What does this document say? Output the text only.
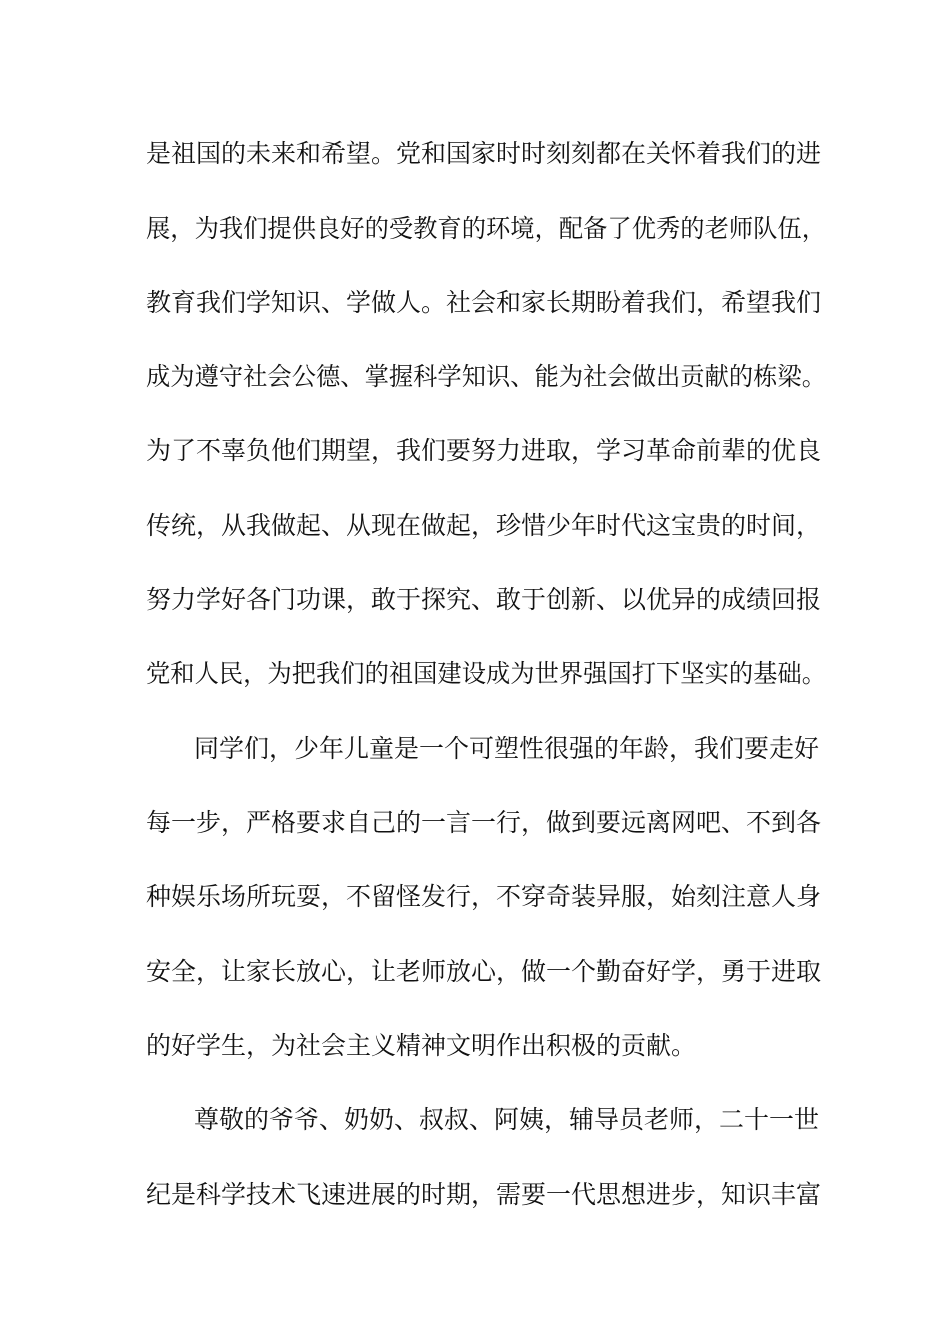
是祖国的未来和希望。党和国家时时刻刻都在关怀着我们的进
展，为我们提供良好的受教育的环境，配备了优秀的老师队伍，
教育我们学知识、学做人。社会和家长期盼着我们，希望我们
成为遵守社会公德、掌握科学知识、能为社会做出贡献的栋梁。
为了不辜负他们期望，我们要努力进取，学习革命前辈的优良
传统，从我做起、从现在做起，珍惜少年时代这宝贵的时间，
努力学好各门功课，敢于探究、敢于创新、以优异的成绩回报
党和人民，为把我们的祖国建设成为世界强国打下坚实的基础。
同学们，少年儿童是一个可塑性很强的年龄，我们要走好
每一步，严格要求自己的一言一行，做到要远离网吧、不到各
种娱乐场所玩耍，不留怪发行，不穿奇装异服，始刻注意人身
安全，让家长放心，让老师放心，做一个勤奋好学，勇于进取
的好学生，为社会主义精神文明作出积极的贡献。
尊敬的爷爷、奶奶、叔叔、阿姨，辅导员老师，二十一世
纪是科学技术飞速进展的时期，需要一代思想进步，知识丰富
